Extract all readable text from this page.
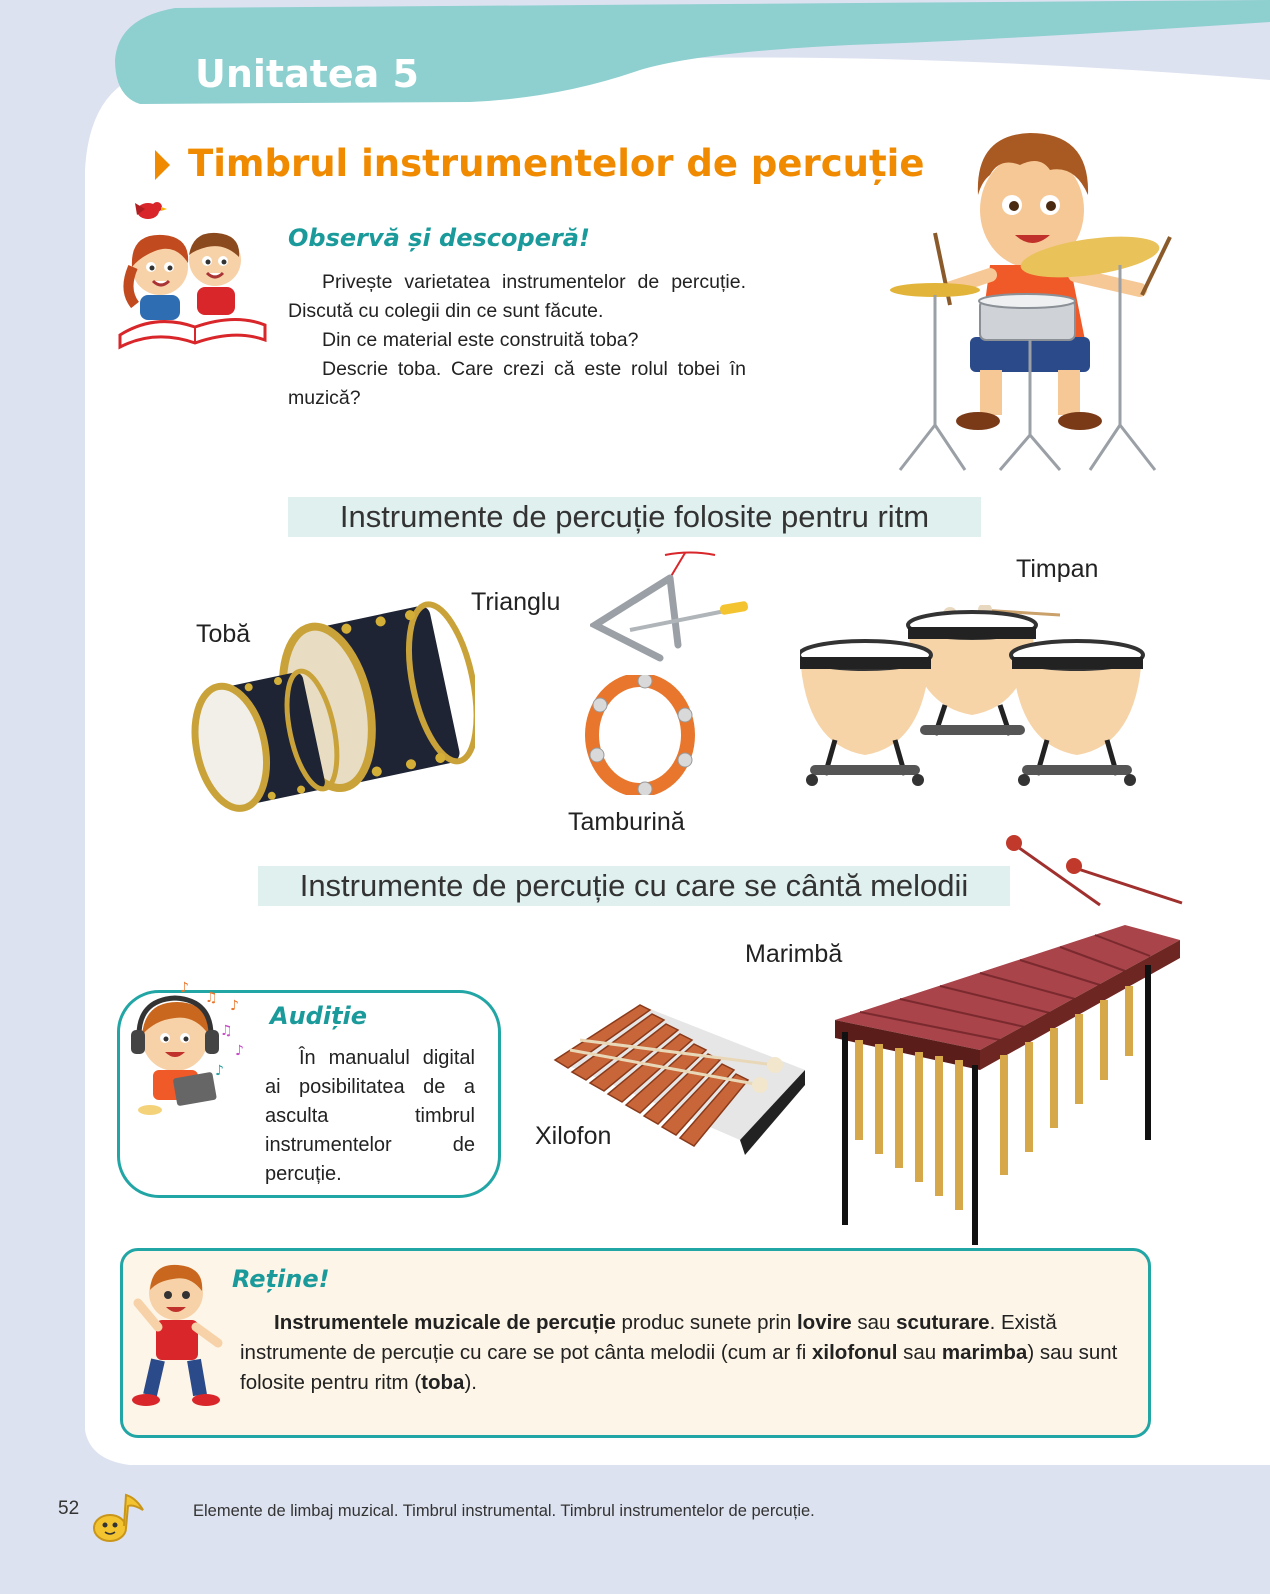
Unitatea 5
Timbrul instrumentelor de percuție
Observă și descoperă!

Privește varietatea instrumentelor de percuție. Discută cu colegii din ce sunt făcute.

Din ce material este construită toba?

Descrie toba. Care crezi că este rolul tobei în muzică?

Instrumente de percuție folosite pentru ritm
Tobă
Trianglu
Timpan
Tamburină
Instrumente de percuție cu care se cântă melodii
Marimbă
Xilofon
♪
♫ ♪
♫
♪
♪
Audiție

În manualul digital ai posibilitatea de a asculta timbrul instrumentelor de percuție.

Reține!

Instrumentele muzicale de percuție produc sunete prin lovire sau scuturare. Există instrumente de percuție cu care se pot cânta melodii (cum ar fi xilofonul sau marimba) sau sunt folosite pentru ritm (toba).

52	Elemente de limbaj muzical. Timbrul instrumental. Timbrul instrumentelor de percuție.
